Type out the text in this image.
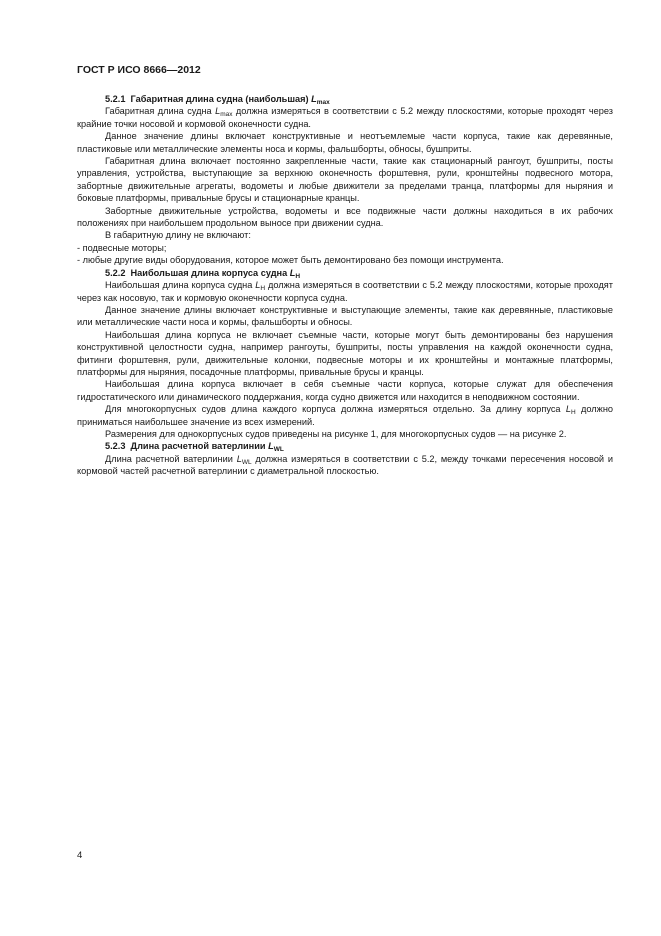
ГОСТ Р ИСО 8666—2012
5.2.1 Габаритная длина судна (наибольшая) $L_{max}$

Габаритная длина судна $L_{max}$ должна измеряться в соответствии с 5.2 между плоскостями, которые проходят через крайние точки носовой и кормовой оконечности судна.

Данное значение длины включает конструктивные и неотъемлемые части корпуса, такие как деревянные, пластиковые или металлические элементы носа и кормы, фальшборты, обносы, бушприты.

Габаритная длина включает постоянно закрепленные части, такие как стационарный рангоут, бушприты, посты управления, устройства, выступающие за верхнюю оконечность форштевня, рули, кронштейны подвесного мотора, забортные движительные агрегаты, водометы и любые движители за пределами транца, платформы для ныряния и боковые платформы, привальные брусы и стационарные кранцы.

Забортные движительные устройства, водометы и все подвижные части должны находиться в их рабочих положениях при наибольшем продольном выносе при движении судна.

В габаритную длину не включают:

- подвесные моторы;

- любые другие виды оборудования, которое может быть демонтировано без помощи инструмента.

5.2.2 Наибольшая длина корпуса судна $L_H$

Наибольшая длина корпуса судна $L_H$ должна измеряться в соответствии с 5.2 между плоскостями, которые проходят через как носовую, так и кормовую оконечности корпуса судна.

Данное значение длины включает конструктивные и выступающие элементы, такие как деревянные, пластиковые или металлические части носа и кормы, фальшборты и обносы.

Наибольшая длина корпуса не включает съемные части, которые могут быть демонтированы без нарушения конструктивной целостности судна, например рангоуты, бушприты, посты управления на каждой оконечности судна, фитинги форштевня, рули, движительные колонки, подвесные моторы и их кронштейны и монтажные платформы, платформы для ныряния, посадочные платформы, привальные брусы и кранцы.

Наибольшая длина корпуса включает в себя съемные части корпуса, которые служат для обеспечения гидростатического или динамического поддержания, когда судно движется или находится в неподвижном состоянии.

Для многокорпусных судов длина каждого корпуса должна измеряться отдельно. За длину корпуса $L_H$ должно приниматься наибольшее значение из всех измерений.

Размерения для однокорпусных судов приведены на рисунке 1, для многокорпусных судов — на рисунке 2.

5.2.3 Длина расчетной ватерлинии $L_{WL}$

Длина расчетной ватерлинии $L_{WL}$ должна измеряться в соответствии с 5.2, между точками пересечения носовой и кормовой частей расчетной ватерлинии с диаметральной плоскостью.

4
